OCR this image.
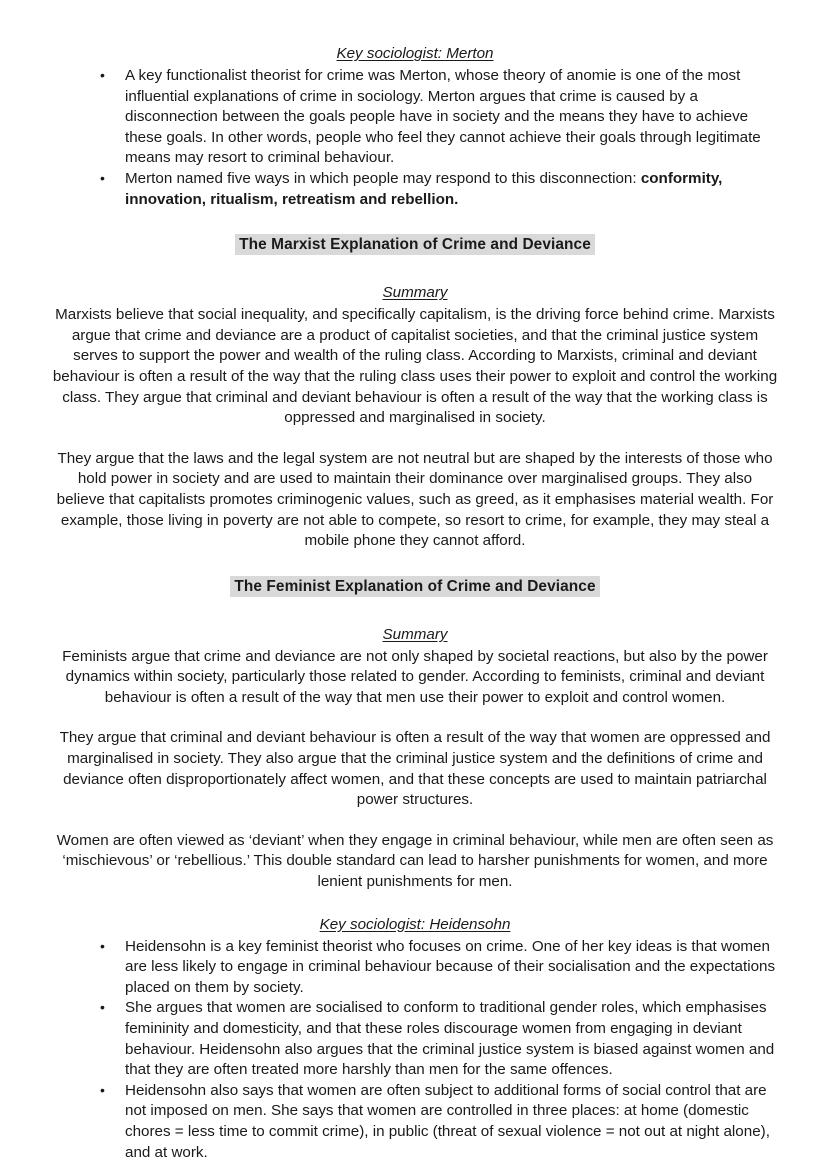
Key sociologist: Merton
• A key functionalist theorist for crime was Merton, whose theory of anomie is one of the most influential explanations of crime in sociology. Merton argues that crime is caused by a disconnection between the goals people have in society and the means they have to achieve these goals. In other words, people who feel they cannot achieve their goals through legitimate means may resort to criminal behaviour.
• Merton named five ways in which people may respond to this disconnection: conformity, innovation, ritualism, retreatism and rebellion.
The Marxist Explanation of Crime and Deviance
Summary

Marxists believe that social inequality, and specifically capitalism, is the driving force behind crime. Marxists argue that crime and deviance are a product of capitalist societies, and that the criminal justice system serves to support the power and wealth of the ruling class. According to Marxists, criminal and deviant behaviour is often a result of the way that the ruling class uses their power to exploit and control the working class. They argue that criminal and deviant behaviour is often a result of the way that the working class is oppressed and marginalised in society.

They argue that the laws and the legal system are not neutral but are shaped by the interests of those who hold power in society and are used to maintain their dominance over marginalised groups. They also believe that capitalists promotes criminogenic values, such as greed, as it emphasises material wealth. For example, those living in poverty are not able to compete, so resort to crime, for example, they may steal a mobile phone they cannot afford.

The Feminist Explanation of Crime and Deviance
Summary

Feminists argue that crime and deviance are not only shaped by societal reactions, but also by the power dynamics within society, particularly those related to gender. According to feminists, criminal and deviant behaviour is often a result of the way that men use their power to exploit and control women.

They argue that criminal and deviant behaviour is often a result of the way that women are oppressed and marginalised in society. They also argue that the criminal justice system and the definitions of crime and deviance often disproportionately affect women, and that these concepts are used to maintain patriarchal power structures.

Women are often viewed as ‘deviant’ when they engage in criminal behaviour, while men are often seen as ‘mischievous’ or ‘rebellious.’ This double standard can lead to harsher punishments for women, and more lenient punishments for men.

Key sociologist: Heidensohn
• Heidensohn is a key feminist theorist who focuses on crime. One of her key ideas is that women are less likely to engage in criminal behaviour because of their socialisation and the expectations placed on them by society.
• She argues that women are socialised to conform to traditional gender roles, which emphasises femininity and domesticity, and that these roles discourage women from engaging in deviant behaviour. Heidensohn also argues that the criminal justice system is biased against women and that they are often treated more harshly than men for the same offences.
• Heidensohn also says that women are often subject to additional forms of social control that are not imposed on men. She says that women are controlled in three places: at home (domestic chores = less time to commit crime), in public (threat of sexual violence = not out at night alone), and at work.
